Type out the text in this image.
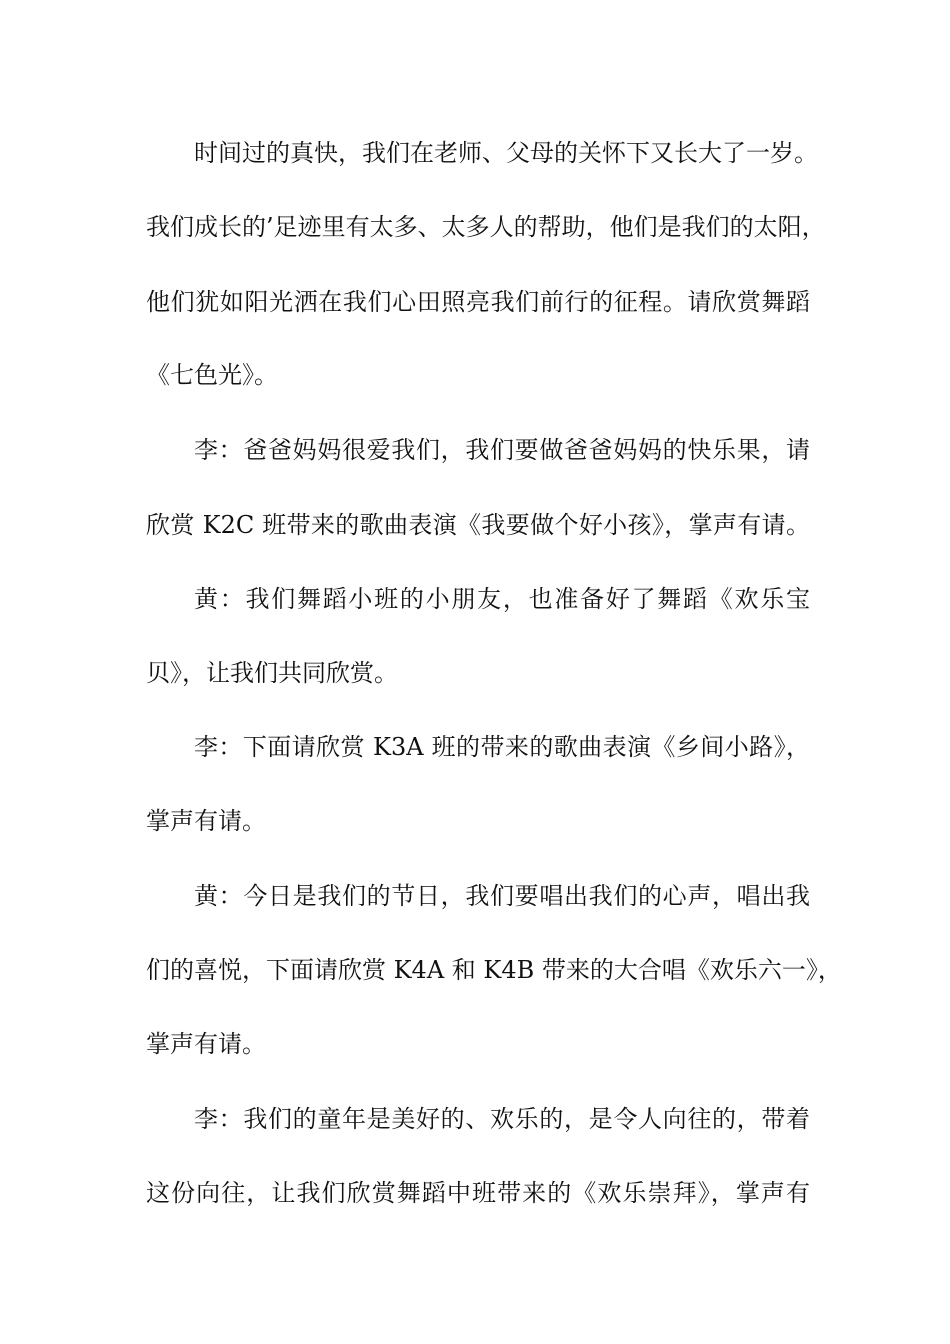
时间过的真快，我们在老师、父母的关怀下又长大了一岁。
我们成长的’足迹里有太多、太多人的帮助，他们是我们的太阳，
他们犹如阳光洒在我们心田照亮我们前行的征程。请欣赏舞蹈
《七色光》。
李：爸爸妈妈很爱我们，我们要做爸爸妈妈的快乐果，请
欣赏 K2C 班带来的歌曲表演《我要做个好小孩》，掌声有请。
黄：我们舞蹈小班的小朋友，也准备好了舞蹈《欢乐宝
贝》，让我们共同欣赏。
李：下面请欣赏 K3A 班的带来的歌曲表演《乡间小路》，
掌声有请。
黄：今日是我们的节日，我们要唱出我们的心声，唱出我
们的喜悦，下面请欣赏 K4A 和 K4B 带来的大合唱《欢乐六一》，
掌声有请。
李：我们的童年是美好的、欢乐的，是令人向往的，带着
这份向往，让我们欣赏舞蹈中班带来的《欢乐崇拜》，掌声有
